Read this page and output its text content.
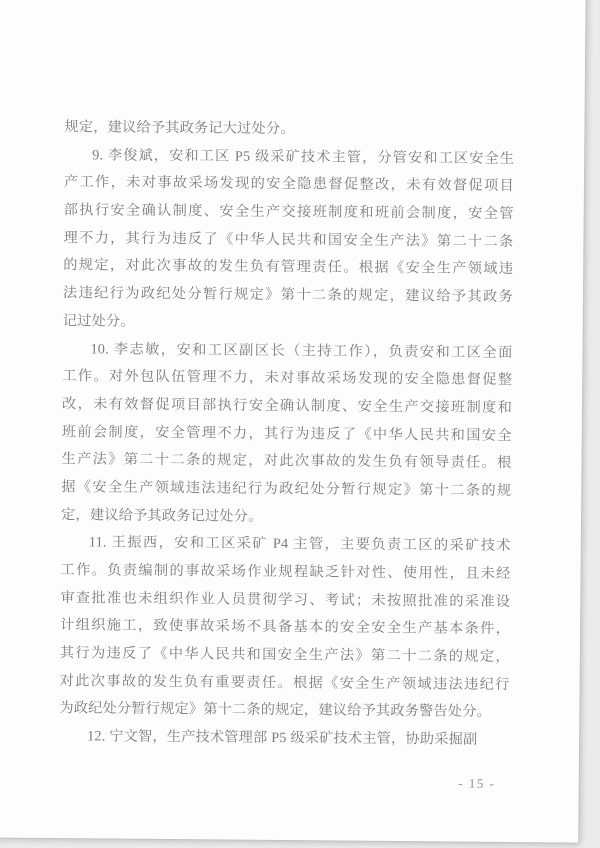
规定，建议给予其政务记大过处分。
9. 李俊斌，安和工区 P5 级采矿技术主管，分管安和工区安全生
产工作，未对事故采场发现的安全隐患督促整改，未有效督促项目
部执行安全确认制度、安全生产交接班制度和班前会制度，安全管
理不力，其行为违反了《中华人民共和国安全生产法》第二十二条
的规定，对此次事故的发生负有管理责任。根据《安全生产领域违
法违纪行为政纪处分暂行规定》第十二条的规定，建议给予其政务
记过处分。
10. 李志敏，安和工区副区长（主持工作），负责安和工区全面
工作。对外包队伍管理不力，未对事故采场发现的安全隐患督促整
改，未有效督促项目部执行安全确认制度、安全生产交接班制度和
班前会制度，安全管理不力，其行为违反了《中华人民共和国安全
生产法》第二十二条的规定，对此次事故的发生负有领导责任。根
据《安全生产领域违法违纪行为政纪处分暂行规定》第十二条的规
定，建议给予其政务记过处分。
11. 王振西，安和工区采矿 P4 主管，主要负责工区的采矿技术
工作。负责编制的事故采场作业规程缺乏针对性、使用性，且未经
审查批准也未组织作业人员贯彻学习、考试；未按照批准的采准设
计组织施工，致使事故采场不具备基本的安全安全生产基本条件，
其行为违反了《中华人民共和国安全生产法》第二十二条的规定，
对此次事故的发生负有重要责任。根据《安全生产领域违法违纪行
为政纪处分暂行规定》第十二条的规定，建议给予其政务警告处分。
12. 宁文智，生产技术管理部 P5 级采矿技术主管，协助采掘副
- 15 -
